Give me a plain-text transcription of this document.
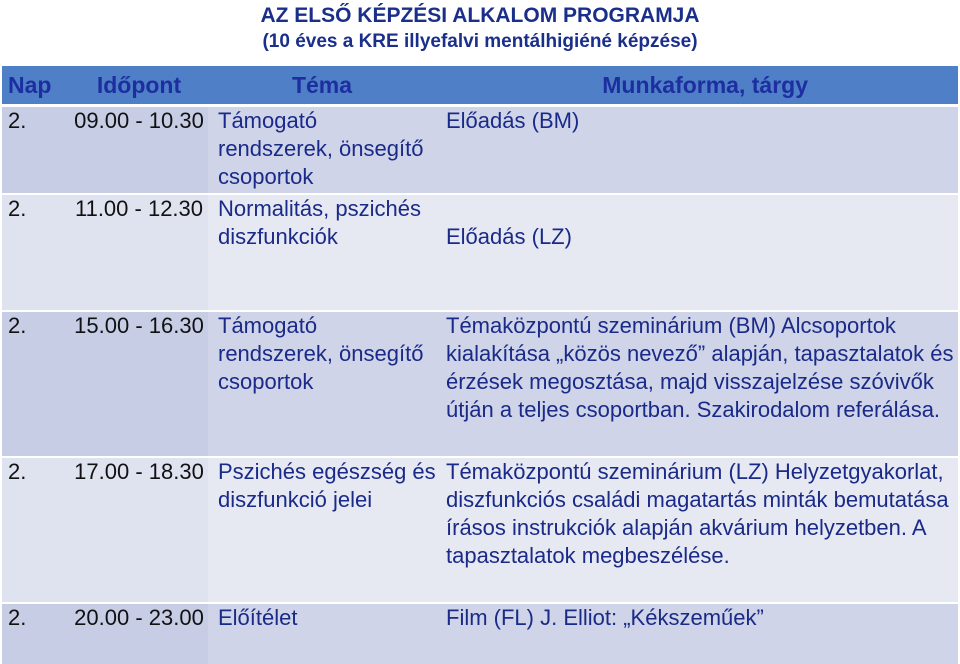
AZ ELSŐ KÉPZÉSI ALKALOM PROGRAMJA
(10 éves a KRE illyefalvi mentálhigiéné képzése)
Nap	Időpont	Téma	Munkaforma, tárgy
2.	09.00 - 10.30	Támogató rendszerek, önsegítő csoportok	Előadás (BM)
2.	11.00 - 12.30	Normalitás, pszichés diszfunkciók	Előadás (LZ)
2.	15.00 - 16.30	Támogató rendszerek, önsegítő csoportok	Témaközpontú szeminárium (BM) Alcsoportok kialakítása „közös nevező” alapján, tapasztalatok és érzések megosztása, majd visszajelzése szóvivők útján a teljes csoportban. Szakirodalom referálása.
2.	17.00 - 18.30	Pszichés egészség és diszfunkció jelei	Témaközpontú szeminárium (LZ) Helyzetgyakorlat, diszfunkciós családi magatartás minták bemutatása írásos instrukciók alapján akvárium helyzetben. A tapasztalatok megbeszélése.
2.	20.00 - 23.00	Előítélet	Film (FL) J. Elliot: „Kékszeműek”
